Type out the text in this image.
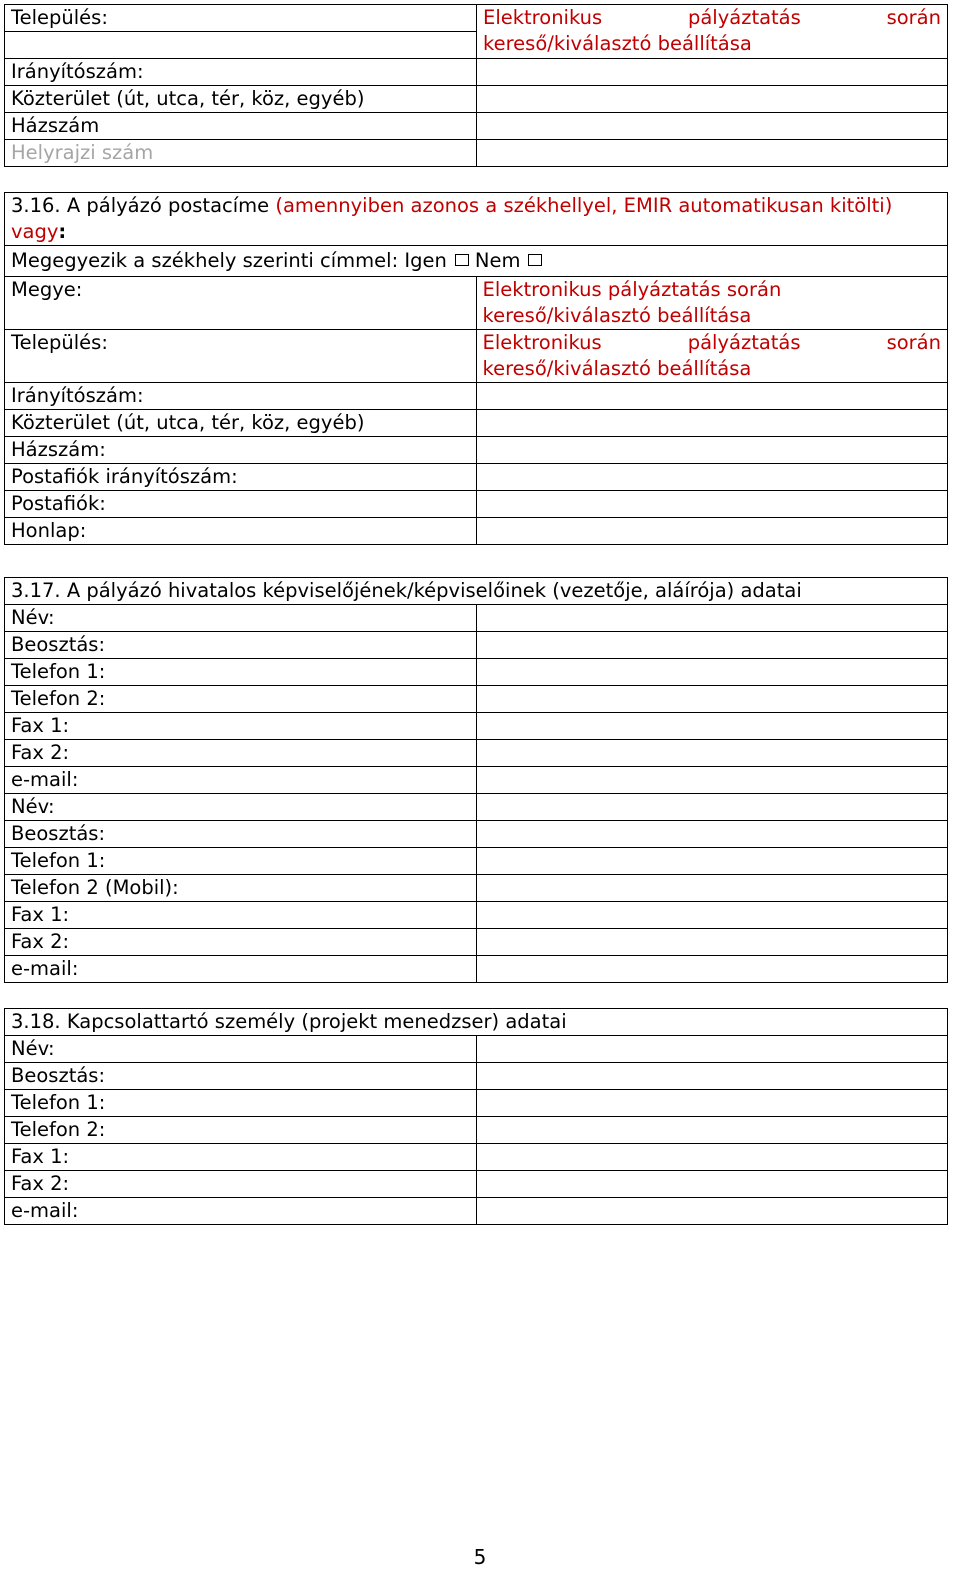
Település:	Elektronikus pályáztatás során
kereső/kiválasztó beállítása

Irányítószám:	
Közterület (út, utca, tér, köz, egyéb)	
Házszám	
Helyrajzi szám	
3.16. A pályázó postacíme (amennyiben azonos a székhellyel, EMIR automatikusan kitölti) vagy:	
Megegyezik a székhely szerinti címmel: Igen Nem	
Megye:	Elektronikus pályáztatás során
kereső/kiválasztó beállítása

Település:	Elektronikus pályáztatás során
kereső/kiválasztó beállítása

Irányítószám:	
Közterület (út, utca, tér, köz, egyéb)	
Házszám:	
Postafiók irányítószám:	
Postafiók:	
Honlap:	
3.17. A pályázó hivatalos képviselőjének/képviselőinek (vezetője, aláírója) adatai	
Név:	
Beosztás:	
Telefon 1:	
Telefon 2:	
Fax 1:	
Fax 2:	
e-mail:	
Név:	
Beosztás:	
Telefon 1:	
Telefon 2 (Mobil):	
Fax 1:	
Fax 2:	
e-mail:	
3.18. Kapcsolattartó személy (projekt menedzser) adatai	
Név:	
Beosztás:	
Telefon 1:	
Telefon 2:	
Fax 1:	
Fax 2:	
e-mail:	
5
